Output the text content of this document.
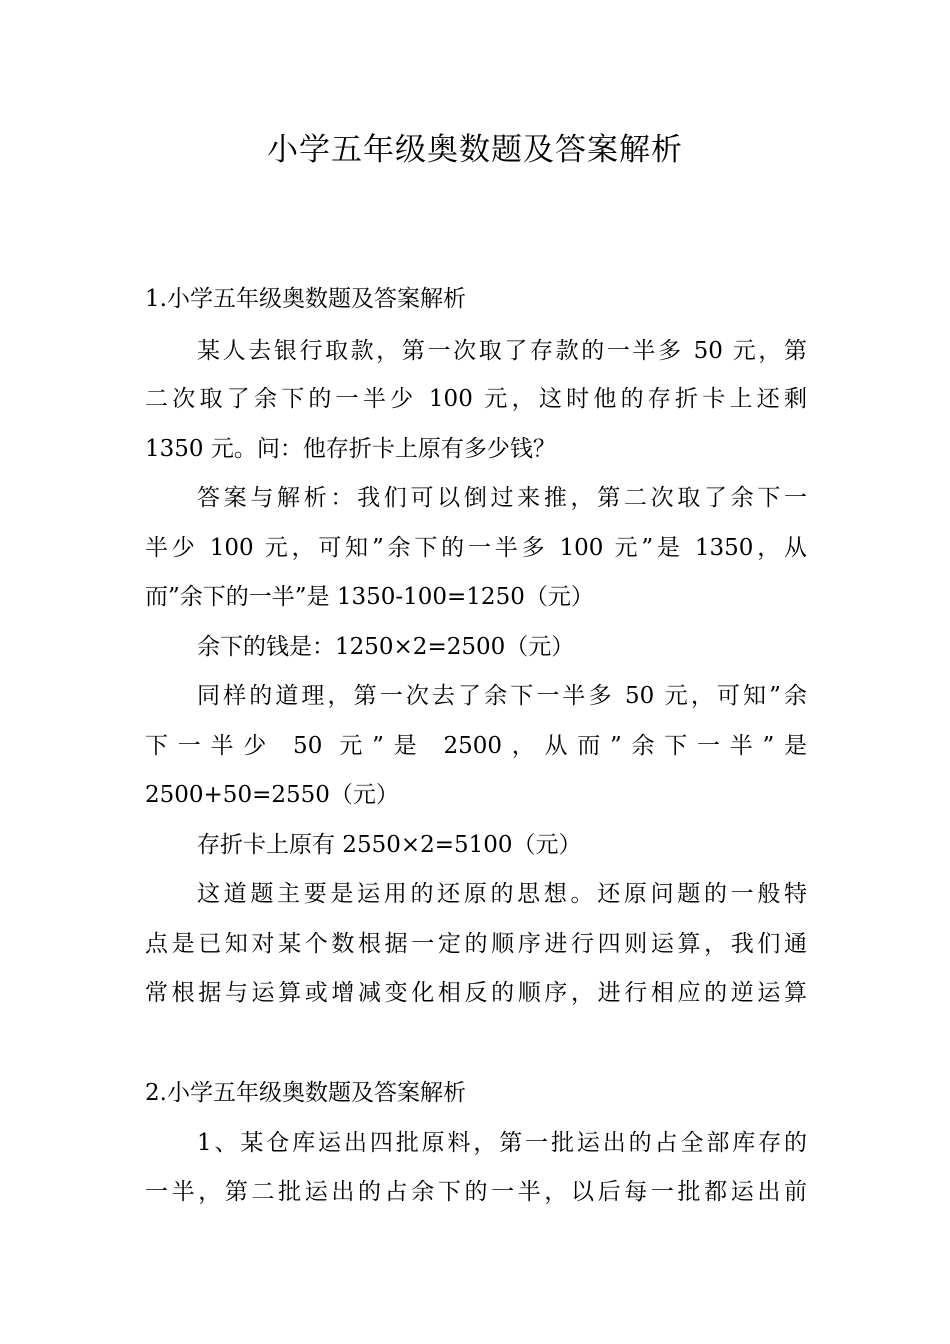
小学五年级奥数题及答案解析
1.小学五年级奥数题及答案解析
某人去银行取款，第一次取了存款的一半多 50 元，第
二次取了余下的一半少 100 元，这时他的存折卡上还剩
1350 元。问：他存折卡上原有多少钱？
答案与解析：我们可以倒过来推，第二次取了余下一
半少 100 元，可知”余下的一半多 100 元”是 1350，从
而”余下的一半”是 1350-100=1250（元）
余下的钱是：1250×2=2500（元）
同样的道理，第一次去了余下一半多 50 元，可知”余
下一半少 50 元”是 2500，从而”余下一半”是
2500+50=2550（元）
存折卡上原有 2550×2=5100（元）
这道题主要是运用的还原的思想。还原问题的一般特
点是已知对某个数根据一定的顺序进行四则运算，我们通
常根据与运算或增减变化相反的顺序，进行相应的逆运算
2.小学五年级奥数题及答案解析
1、某仓库运出四批原料，第一批运出的占全部库存的
一半，第二批运出的占余下的一半，以后每一批都运出前
